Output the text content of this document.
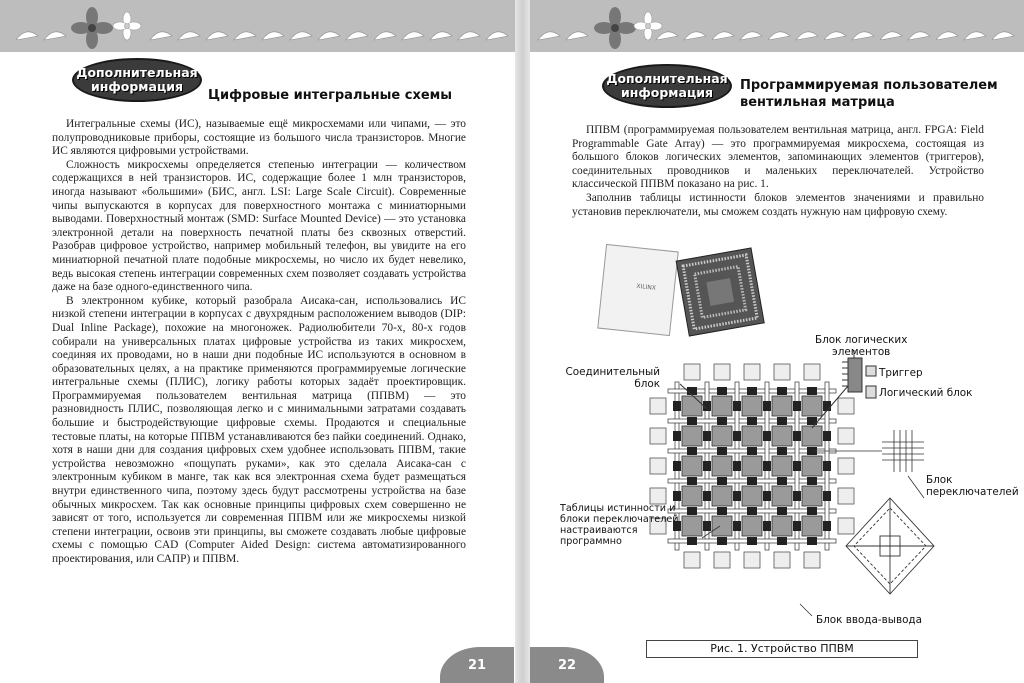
Дополнительная
информация
Цифровые интегральные схемы

Интегральные схемы (ИС), называемые ещё микросхемами или чипами, — это полупроводниковые приборы, состоящие из большого числа транзисторов. Многие ИС являются цифровыми устройствами.

Сложность микросхемы определяется степенью интеграции — количеством содержащихся в ней транзисторов. ИС, содержащие более 1 млн транзисторов, иногда называют «большими» (БИС, англ. LSI: Large Scale Circuit). Современные чипы выпускаются в корпусах для поверхностного монтажа с миниатюрными выводами. Поверхностный монтаж (SMD: Surface Mounted Device) — это установка электронной детали на поверхность печатной платы без сквозных отверстий. Разобрав цифровое устройство, например мобильный телефон, вы увидите на его миниатюрной печатной плате подобные микросхемы, но число их будет невелико, ведь высокая степень интеграции современных схем позволяет создавать устройства даже на базе одного-единственного чипа.

В электронном кубике, который разобрала Аисака-сан, использовались ИС низкой степени интеграции в корпусах с двухрядным расположением выводов (DIP: Dual Inline Package), похожие на многоножек. Радиолюбители 70-х, 80-х годов собирали на универсальных платах цифровые устройства из таких микросхем, соединяя их проводами, но в наши дни подобные ИС используются в основном в образовательных целях, а на практике применяются программируемые логические интегральные схемы (ПЛИС), логику работы которых задаёт проектировщик. Программируемая пользователем вентильная матрица (ППВМ) — это разновидность ПЛИС, позволяющая легко и с минимальными затратами создавать большие и быстродействующие цифровые схемы. Продаются и специальные тестовые платы, на которые ППВМ устанавливаются без пайки соединений. Однако, хотя в наши дни для создания цифровых схем удобнее использовать ППВМ, такие устройства невозможно «пощупать руками», как это сделала Аисака-сан с электронным кубиком в манге, так как вся электронная схема будет размещаться внутри единственного чипа, поэтому здесь будут рассмотрены устройства на базе обычных микросхем. Так как основные принципы цифровых схем совершенно не зависят от того, используется ли современная ППВМ или же микросхемы низкой степени интеграции, освоив эти принципы, вы сможете создавать любые цифровые схемы с помощью CAD (Computer Aided Design: система автоматизированного проектирования, или САПР) и ППВМ.

21
Дополнительная
информация	Программируемая пользователем
вентильная матрица

ППВМ (программируемая пользователем вентильная матрица, англ. FPGA: Field Programmable Gate Array) — это программируемая микросхема, состоящая из большого блоков логических элементов, запоминающих элементов (триггеров), соединительных проводников и маленьких переключателей. Устройство классической ППВМ показано на рис. 1.

Заполнив таблицы истинности блоков элементов значениями и правильно установив переключатели, мы сможем создать нужную нам цифровую схему.

XILINX
Блок логических
элементов
Триггер
Логический блок
Соединительный
блок
Блок
переключателей
Таблицы истинности и
блоки переключателей
настраиваются
программно
Блок ввода-вывода
Рис. 1. Устройство ППВМ
22
